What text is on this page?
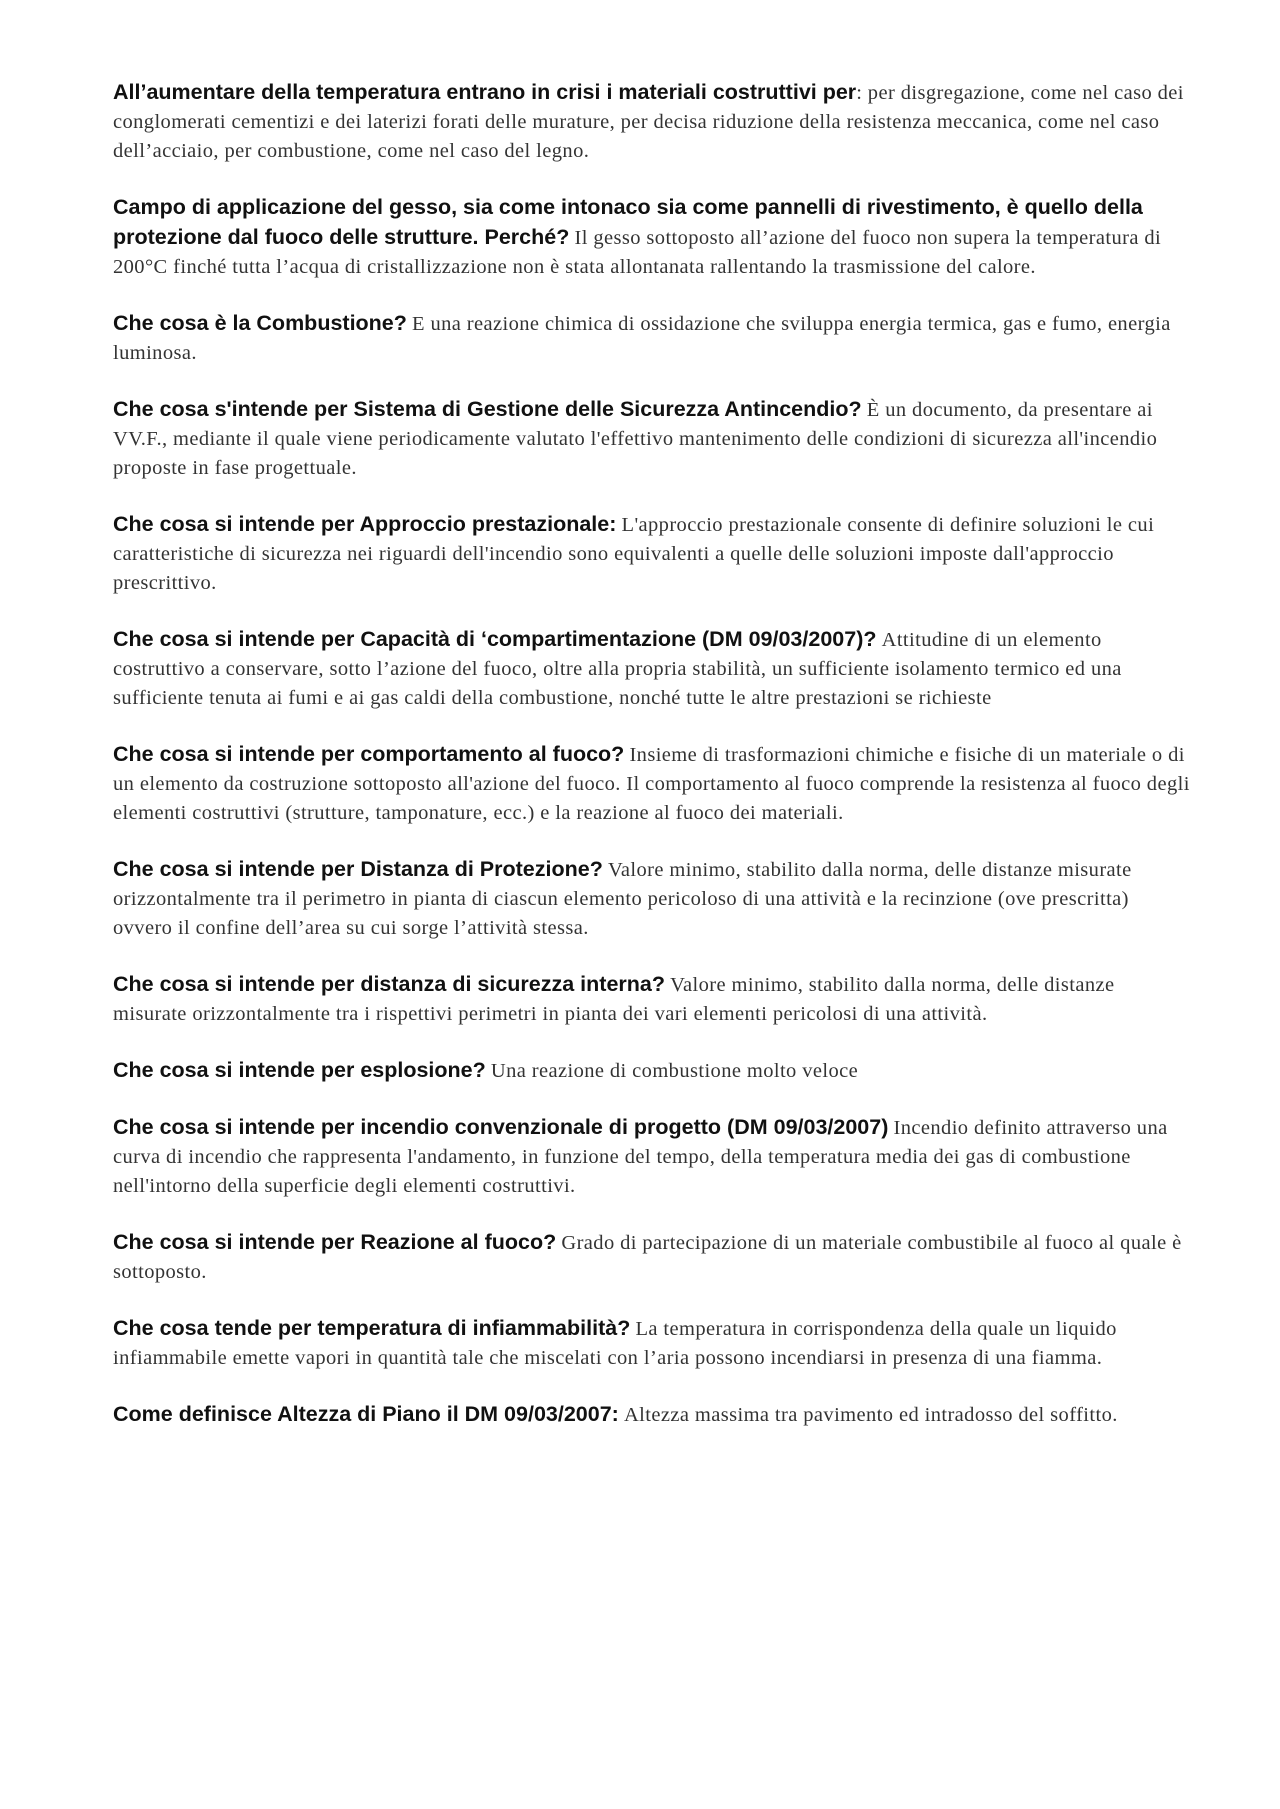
All’aumentare della temperatura entrano in crisi i materiali costruttivi per: per disgregazione, come nel caso dei conglomerati cementizi e dei laterizi forati delle murature, per decisa riduzione della resistenza meccanica, come nel caso dell’acciaio, per combustione, come nel caso del legno.

Campo di applicazione del gesso, sia come intonaco sia come pannelli di rivestimento, è quello della protezione dal fuoco delle strutture. Perché? Il gesso sottoposto all’azione del fuoco non supera la temperatura di 200°C finché tutta l’acqua di cristallizzazione non è stata allontanata rallentando la trasmissione del calore.

Che cosa è la Combustione? E una reazione chimica di ossidazione che sviluppa energia termica, gas e fumo, energia luminosa.

Che cosa s'intende per Sistema di Gestione delle Sicurezza Antincendio? È un documento, da presentare ai VV.F., mediante il quale viene periodicamente valutato l'effettivo mantenimento delle condizioni di sicurezza all'incendio proposte in fase progettuale.

Che cosa si intende per Approccio prestazionale: L'approccio prestazionale consente di definire soluzioni le cui caratteristiche di sicurezza nei riguardi dell'incendio sono equivalenti a quelle delle soluzioni imposte dall'approccio prescrittivo.

Che cosa si intende per Capacità di ‘compartimentazione (DM 09/03/2007)? Attitudine di un elemento costruttivo a conservare, sotto l’azione del fuoco, oltre alla propria stabilità, un sufficiente isolamento termico ed una sufficiente tenuta ai fumi e ai gas caldi della combustione, nonché tutte le altre prestazioni se richieste

Che cosa si intende per comportamento al fuoco? Insieme di trasformazioni chimiche e fisiche di un materiale o di un elemento da costruzione sottoposto all'azione del fuoco. Il comportamento al fuoco comprende la resistenza al fuoco degli elementi costruttivi (strutture, tamponature, ecc.) e la reazione al fuoco dei materiali.

Che cosa si intende per Distanza di Protezione? Valore minimo, stabilito dalla norma, delle distanze misurate orizzontalmente tra il perimetro in pianta di ciascun elemento pericoloso di una attività e la recinzione (ove prescritta) ovvero il confine dell’area su cui sorge l’attività stessa.

Che cosa si intende per distanza di sicurezza interna? Valore minimo, stabilito dalla norma, delle distanze misurate orizzontalmente tra i rispettivi perimetri in pianta dei vari elementi pericolosi di una attività.

Che cosa si intende per esplosione? Una reazione di combustione molto veloce

Che cosa si intende per incendio convenzionale di progetto (DM 09/03/2007) Incendio definito attraverso una curva di incendio che rappresenta l'andamento, in funzione del tempo, della temperatura media dei gas di combustione nell'intorno della superficie degli elementi costruttivi.

Che cosa si intende per Reazione al fuoco? Grado di partecipazione di un materiale combustibile al fuoco al quale è sottoposto.

Che cosa tende per temperatura di infiammabilità? La temperatura in corrispondenza della quale un liquido infiammabile emette vapori in quantità tale che miscelati con l’aria possono incendiarsi in presenza di una fiamma.

Come definisce Altezza di Piano il DM 09/03/2007: Altezza massima tra pavimento ed intradosso del soffitto.
